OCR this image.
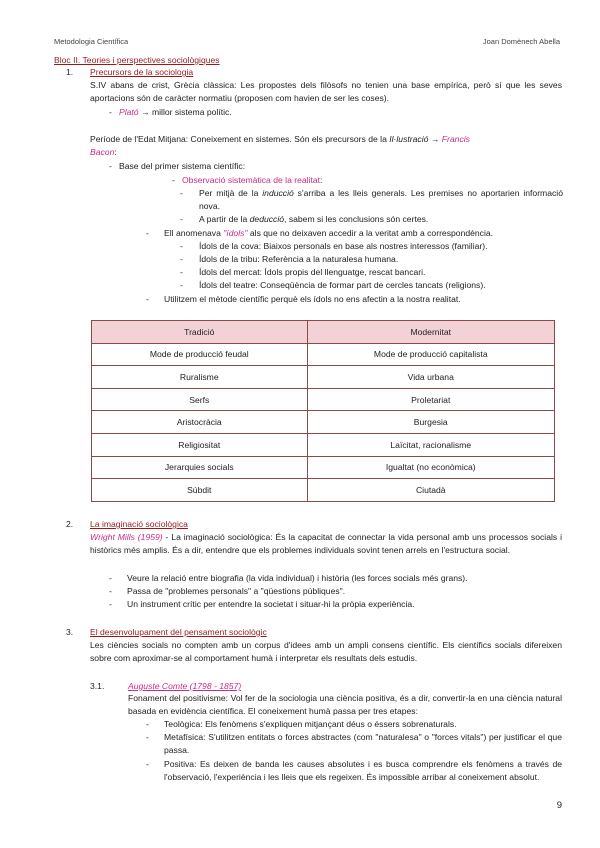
Metodologia Científica	Joan Domènech Abella
Bloc II. Teories i perspectives sociològiques
1. Precursors de la sociologia
S.IV abans de crist, Grècia clàssica: Les propostes dels filòsofs no tenien una base empírica, però sí que les seves aportacions són de caràcter normatiu (proposen com havien de ser les coses).
- Plató → millor sistema polític.
Període de l'Edat Mitjana: Coneixement en sistemes. Són els precursors de la Il·lustració → Francis
Bacon:
- Base del primer sistema científic:
- Observació sistemàtica de la realitat:
- Per mitjà de la inducció s'arriba a les lleis generals. Les premises no aportarien informació nova.
- A partir de la deducció, sabem si les conclusions són certes.
- Ell anomenava "ídols" als que no deixaven accedir a la veritat amb a correspondència.
- Ídols de la cova: Biaixos personals en base als nostres interessos (familiar).
- Ídols de la tribu: Referència a la naturalesa humana.
- Ídols del mercat: Ídols propis del llenguatge, rescat bancari.
- Ídols del teatre: Conseqüència de formar part de cercles tancats (religions).
- Utilitzem el mètode científic perquè els ídols no ens afectin a la nostra realitat.
Tradició	Modernitat
Mode de producció feudal	Mode de producció capitalista
Ruralisme	Vida urbana
Serfs	Proletariat
Aristocràcia	Burgesia
Religiositat	Laïcitat, racionalisme
Jerarquies socials	Igualtat (no econòmica)
Súbdit	Ciutadà
2. La imaginació sociològica
Wright Mills (1959) - La imaginació sociològica: És la capacitat de connectar la vida personal amb uns processos socials i històrics més amplis. És a dir, entendre que els problemes individuals sovint tenen arrels en l'estructura social.
- Veure la relació entre biografia (la vida individual) i història (les forces socials més grans).
- Passa de "problemes personals" a "qüestions públiques".
- Un instrument crític per entendre la societat i situar-hi la pròpia experiència.
3. El desenvolupament del pensament sociològic
Les ciències socials no compten amb un corpus d'idees amb un ampli consens científic. Els científics socials difereixen sobre com aproximar-se al comportament humà i interpretar els resultats dels estudis.
3.1.	Auguste Comte (1798 - 1857)
Fonament del positivisme: Vol fer de la sociologia una ciència positiva, és a dir, convertir-la en una ciència natural basada en evidència científica. El coneixement humà passa per tres etapes:
- Teològica: Els fenòmens s'expliquen mitjançant déus o éssers sobrenaturals.
- Metafísica: S'utilitzen entitats o forces abstractes (com "naturalesa" o "forces vitals") per justificar el que passa.
- Positiva: Es deixen de banda les causes absolutes i es busca comprendre els fenòmens a través de l'observació, l'experiència i les lleis que els regeixen. És impossible arribar al coneixement absolut.
9
